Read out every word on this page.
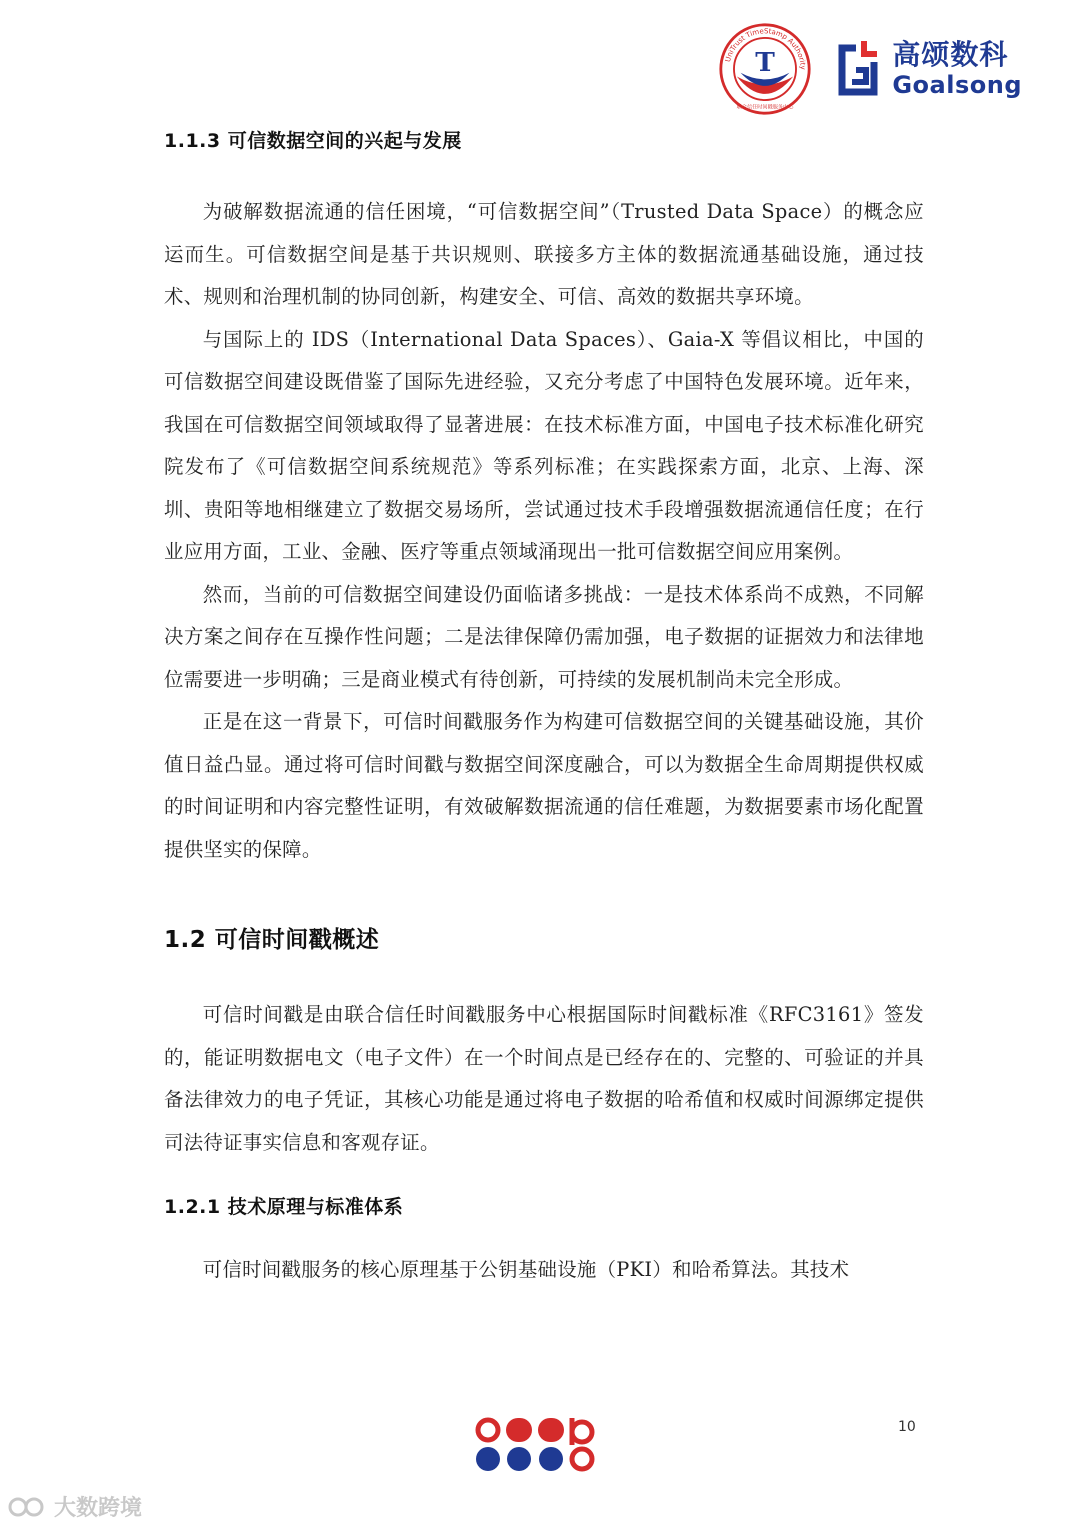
T
UniTrust TimeStamp Authority
联合信任时间戳服务中心
高颂数科
Goalsong
1.1.3 可信数据空间的兴起与发展

为破解数据流通的信任困境，“可信数据空间”（Trusted Data Space）的概念应运而生。可信数据空间是基于共识规则、联接多方主体的数据流通基础设施，通过技术、规则和治理机制的协同创新，构建安全、可信、高效的数据共享环境。

与国际上的 IDS（International Data Spaces）、Gaia-X 等倡议相比，中国的可信数据空间建设既借鉴了国际先进经验，又充分考虑了中国特色发展环境。近年来，我国在可信数据空间领域取得了显著进展：在技术标准方面，中国电子技术标准化研究院发布了《可信数据空间系统规范》等系列标准；在实践探索方面，北京、上海、深圳、贵阳等地相继建立了数据交易场所，尝试通过技术手段增强数据流通信任度；在行业应用方面，工业、金融、医疗等重点领域涌现出一批可信数据空间应用案例。

然而，当前的可信数据空间建设仍面临诸多挑战：一是技术体系尚不成熟，不同解决方案之间存在互操作性问题；二是法律保障仍需加强，电子数据的证据效力和法律地位需要进一步明确；三是商业模式有待创新，可持续的发展机制尚未完全形成。

正是在这一背景下，可信时间戳服务作为构建可信数据空间的关键基础设施，其价值日益凸显。通过将可信时间戳与数据空间深度融合，可以为数据全生命周期提供权威的时间证明和内容完整性证明，有效破解数据流通的信任难题，为数据要素市场化配置提供坚实的保障。

1.2 可信时间戳概述

可信时间戳是由联合信任时间戳服务中心根据国际时间戳标准《RFC3161》签发的，能证明数据电文（电子文件）在一个时间点是已经存在的、完整的、可验证的并具备法律效力的电子凭证，其核心功能是通过将电子数据的哈希值和权威时间源绑定提供司法待证事实信息和客观存证。

1.2.1 技术原理与标准体系

可信时间戳服务的核心原理基于公钥基础设施（PKI）和哈希算法。其技术

10
大数跨境
